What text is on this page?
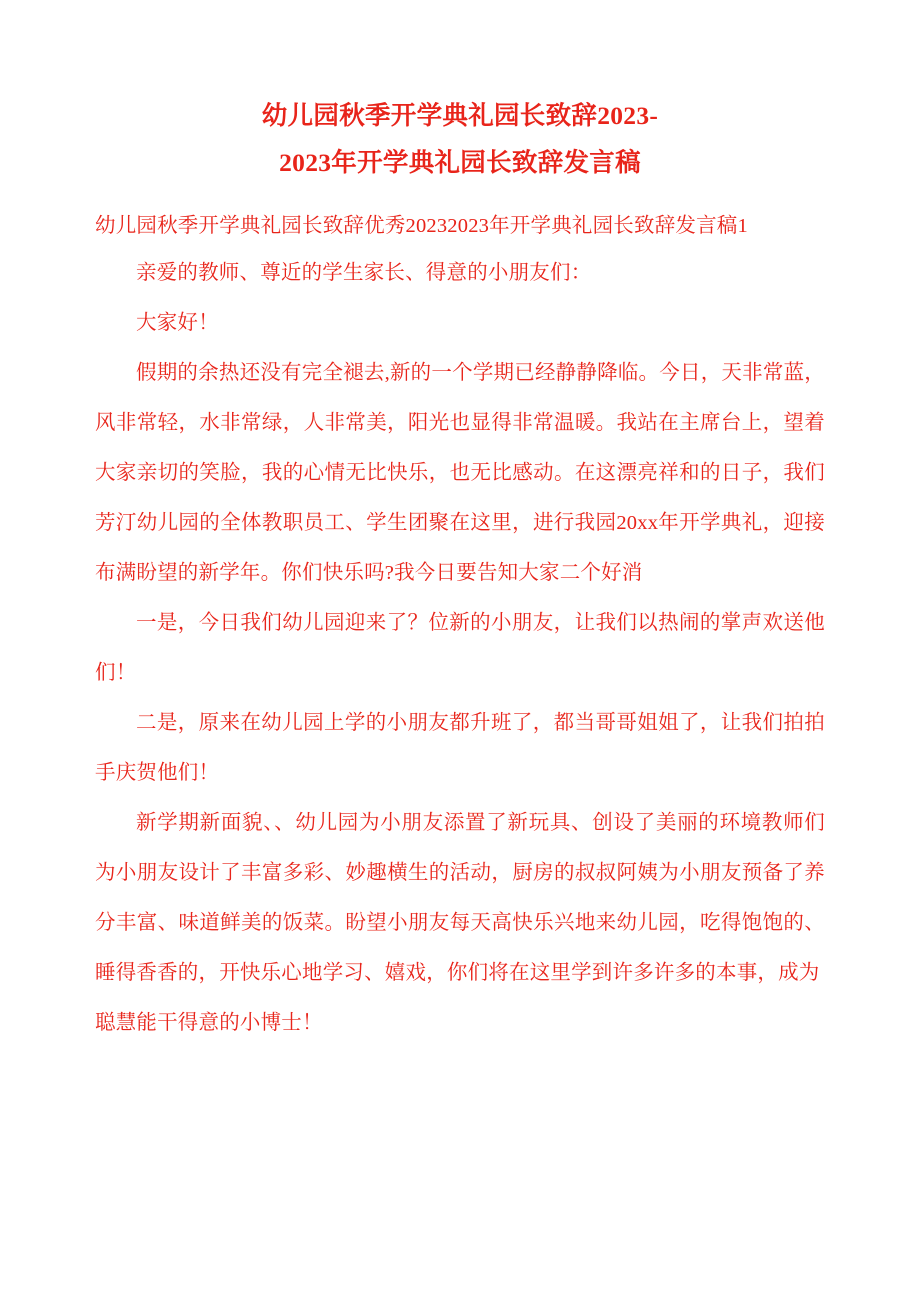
幼儿园秋季开学典礼园长致辞2023-
2023年开学典礼园长致辞发言稿

幼儿园秋季开学典礼园长致辞优秀20232023年开学典礼园长致辞发言稿1

亲爱的教师、尊近的学生家长、得意的小朋友们：

大家好！

假期的余热还没有完全褪去,新的一个学期已经静静降临。今日，天非常蓝，风非常轻，水非常绿，人非常美，阳光也显得非常温暖。我站在主席台上，望着大家亲切的笑脸，我的心情无比快乐，也无比感动。在这漂亮祥和的日子，我们芳汀幼儿园的全体教职员工、学生团聚在这里，进行我园20xx年开学典礼，迎接布满盼望的新学年。你们快乐吗?我今日要告知大家二个好消

一是，今日我们幼儿园迎来了？位新的小朋友，让我们以热闹的掌声欢送他们！

二是，原来在幼儿园上学的小朋友都升班了，都当哥哥姐姐了，让我们拍拍手庆贺他们！

新学期新面貌、、幼儿园为小朋友添置了新玩具、创设了美丽的环境教师们为小朋友设计了丰富多彩、妙趣横生的活动，厨房的叔叔阿姨为小朋友预备了养分丰富、味道鲜美的饭菜。盼望小朋友每天高快乐兴地来幼儿园，吃得饱饱的、睡得香香的，开快乐心地学习、嬉戏，你们将在这里学到许多许多的本事，成为

聪慧能干得意的小博士！
